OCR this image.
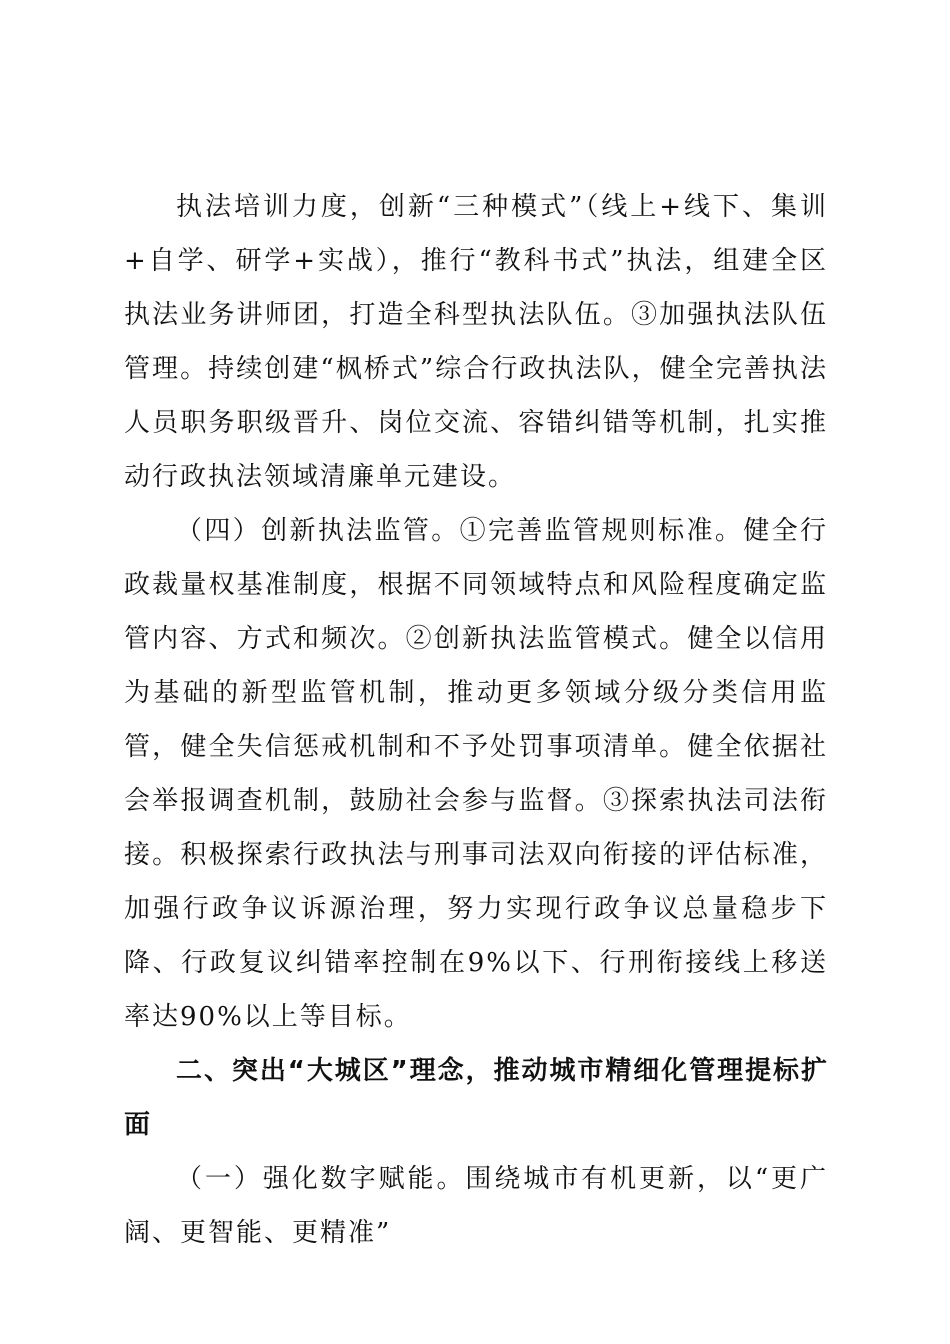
执法培训力度，创新“三种模式”（线上+线下、集训+自学、研学+实战），推行“教科书式”执法，组建全区执法业务讲师团，打造全科型执法队伍。③加强执法队伍管理。持续创建“枫桥式”综合行政执法队，健全完善执法人员职务职级晋升、岗位交流、容错纠错等机制，扎实推动行政执法领域清廉单元建设。

（四）创新执法监管。①完善监管规则标准。健全行政裁量权基准制度，根据不同领域特点和风险程度确定监管内容、方式和频次。②创新执法监管模式。健全以信用为基础的新型监管机制，推动更多领域分级分类信用监管，健全失信惩戒机制和不予处罚事项清单。健全依据社会举报调查机制，鼓励社会参与监督。③探索执法司法衔接。积极探索行政执法与刑事司法双向衔接的评估标准，加强行政争议诉源治理，努力实现行政争议总量稳步下降、行政复议纠错率控制在9%以下、行刑衔接线上移送率达90%以上等目标。

二、突出“大城区”理念，推动城市精细化管理提标扩面

（一）强化数字赋能。围绕城市有机更新，以“更广阔、更智能、更精准”
